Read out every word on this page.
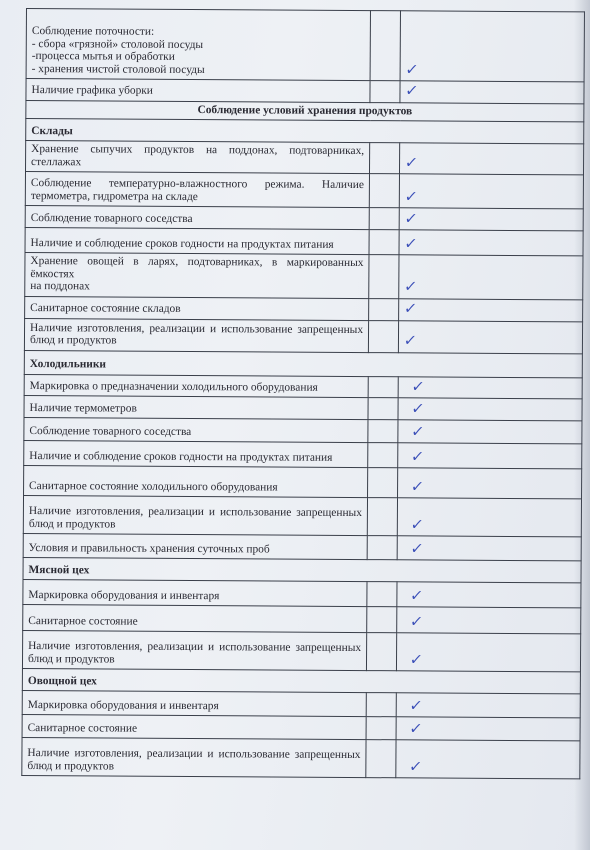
Соблюдение поточности:
- сбора «грязной» столовой посуды
-процесса мытья и обработки
- хранения чистой столовой посуды		✓

Наличие графика уборки		✓
Соблюдение условий хранения продуктов		
Склады		

Хранение сыпучих продуктов на поддонах, подтоварниках, стеллажах		✓

Соблюдение температурно-влажностного режима. Наличие
термометра, гидрометра на складе		✓

Соблюдение товарного соседства		✓

Наличие и соблюдение сроков годности на продуктах питания		✓

Хранение овощей в ларях, подтоварниках, в маркированных ёмкостях
на поддонах		✓

Санитарное состояние складов		✓

Наличие изготовления, реализации и использование запрещенных
блюд и продуктов		✓
Холодильники		

Маркировка о предназначении холодильного оборудования		✓

Наличие термометров		✓

Соблюдение товарного соседства		✓

Наличие и соблюдение сроков годности на продуктах питания		✓

Санитарное состояние холодильного оборудования		✓

Наличие изготовления, реализации и использование запрещенных
блюд и продуктов		✓

Условия и правильность хранения суточных проб		✓
Мясной цех		

Маркировка оборудования и инвентаря		✓

Санитарное состояние		✓

Наличие изготовления, реализации и использование запрещенных
блюд и продуктов		✓
Овощной цех		

Маркировка оборудования и инвентаря		✓

Санитарное состояние		✓

Наличие изготовления, реализации и использование запрещенных
блюд и продуктов		✓
